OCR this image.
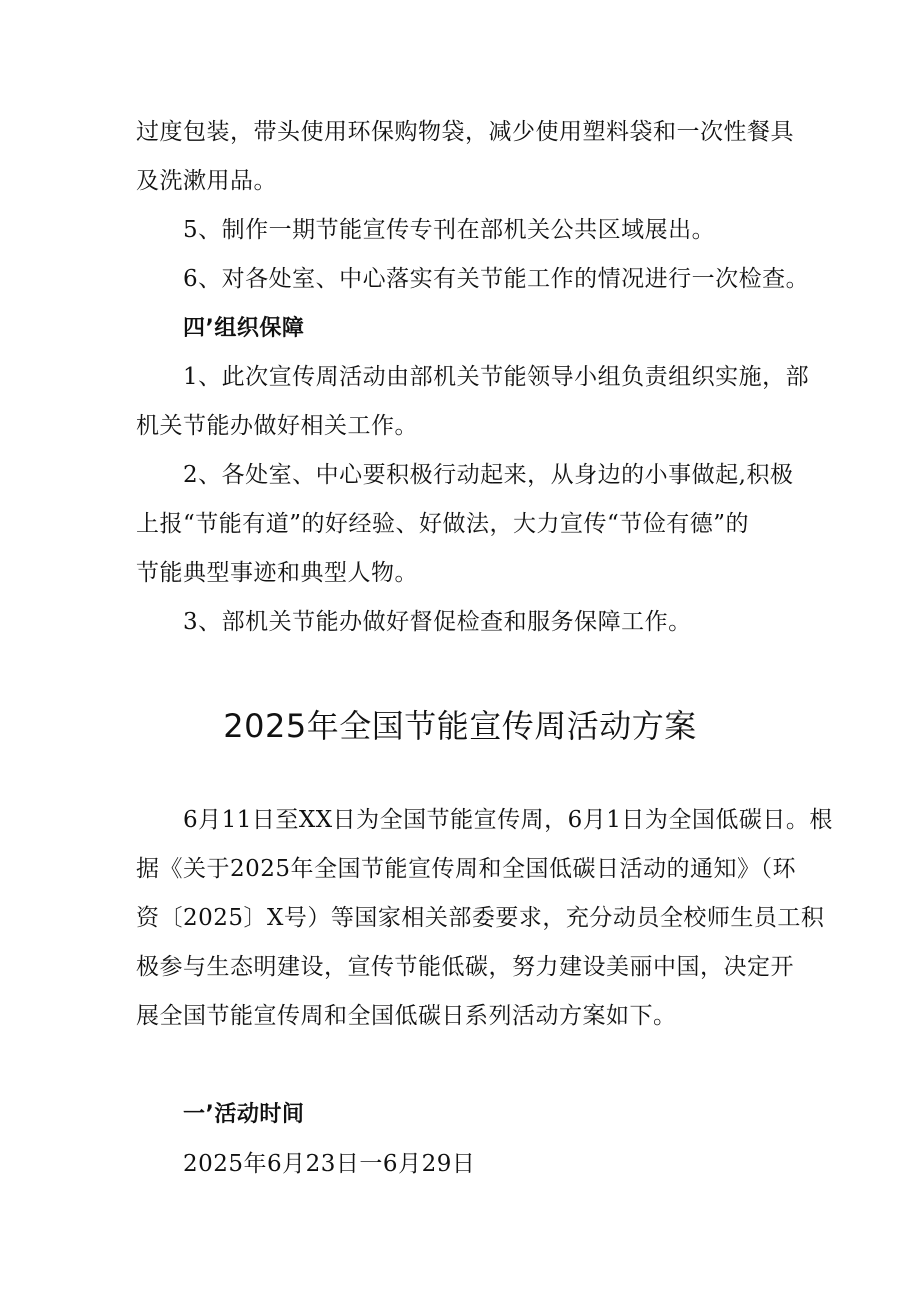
过度包装，带头使用环保购物袋，减少使用塑料袋和一次性餐具
及洗漱用品。

5、制作一期节能宣传专刊在部机关公共区域展出。

6、对各处室、中心落实有关节能工作的情况进行一次检查。

四’组织保障

1、此次宣传周活动由部机关节能领导小组负责组织实施，部
机关节能办做好相关工作。

2、各处室、中心要积极行动起来，从身边的小事做起,积极
上报“节能有道”的好经验、好做法，大力宣传“节俭有德”的
节能典型事迹和典型人物。

3、部机关节能办做好督促检查和服务保障工作。

2025年全国节能宣传周活动方案

6月11日至XX日为全国节能宣传周，6月1日为全国低碳日。根
据《关于2025年全国节能宣传周和全国低碳日活动的通知》（环
资〔2025〕X号）等国家相关部委要求，充分动员全校师生员工积
极参与生态明建设，宣传节能低碳，努力建设美丽中国，决定开
展全国节能宣传周和全国低碳日系列活动方案如下。

一’活动时间

2025年6月23日一6月29日
